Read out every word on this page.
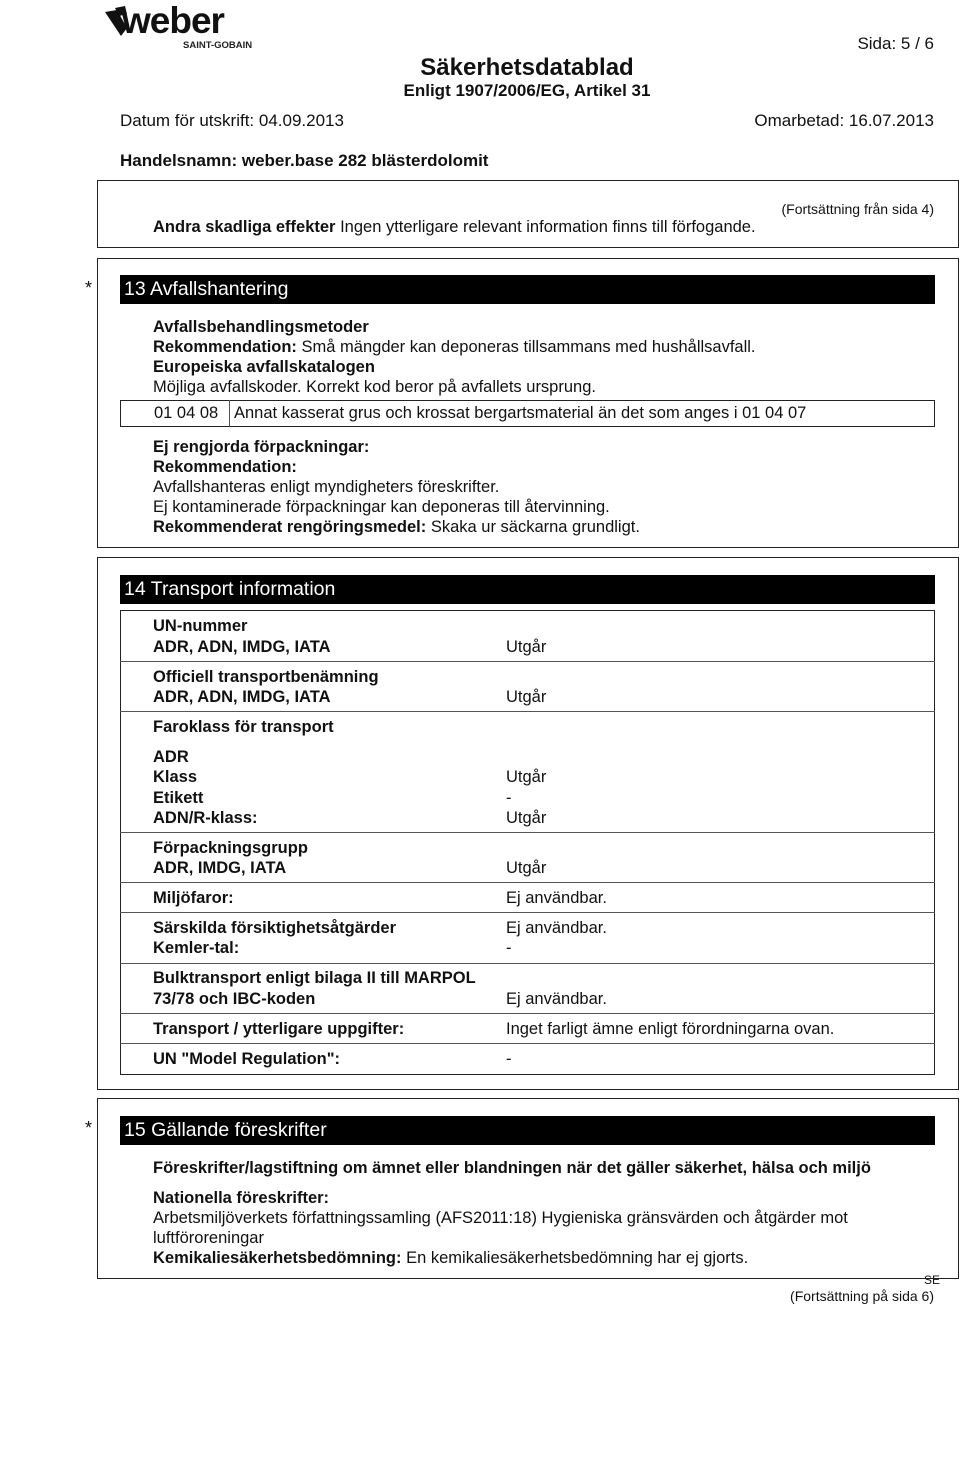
weber
SAINT-GOBAIN	Sida: 5 / 6
Säkerhetsdatablad
Enligt 1907/2006/EG, Artikel 31
Datum för utskrift: 04.09.2013	Omarbetad: 16.07.2013
Handelsnamn: weber.base 282 blästerdolomit
(Fortsättning från sida 4)
Andra skadliga effekter Ingen ytterligare relevant information finns till förfogande.
* 13 Avfallshantering
Avfallsbehandlingsmetoder
Rekommendation: Små mängder kan deponeras tillsammans med hushållsavfall.
Europeiska avfallskatalogen
Möjliga avfallskoder. Korrekt kod beror på avfallets ursprung.
01 04 08 Annat kasserat grus och krossat bergartsmaterial än det som anges i 01 04 07
Ej rengjorda förpackningar:
Rekommendation:
Avfallshanteras enligt myndigheters föreskrifter.
Ej kontaminerade förpackningar kan deponeras till återvinning.
Rekommenderat rengöringsmedel: Skaka ur säckarna grundligt.
14 Transport information
UN-nummer
ADR, ADN, IMDG, IATA	Utgår
Officiell transportbenämning
ADR, ADN, IMDG, IATA	Utgår
Faroklass för transport
ADR
Klass	Utgår
Etikett	-
ADN/R-klass:	Utgår
Förpackningsgrupp
ADR, IMDG, IATA	Utgår
Miljöfaror:	Ej användbar.
Särskilda försiktighetsåtgärder	Ej användbar.
Kemler-tal:	-
Bulktransport enligt bilaga II till MARPOL
73/78 och IBC-koden	Ej användbar.
Transport / ytterligare uppgifter:	Inget farligt ämne enligt förordningarna ovan.
UN "Model Regulation":	-
* 15 Gällande föreskrifter
Föreskrifter/lagstiftning om ämnet eller blandningen när det gäller säkerhet, hälsa och miljö
Nationella föreskrifter:
Arbetsmiljöverkets författningssamling (AFS2011:18) Hygieniska gränsvärden och åtgärder mot
luftföroreningar
Kemikaliesäkerhetsbedömning: En kemikaliesäkerhetsbedömning har ej gjorts.
SE
(Fortsättning på sida 6)
